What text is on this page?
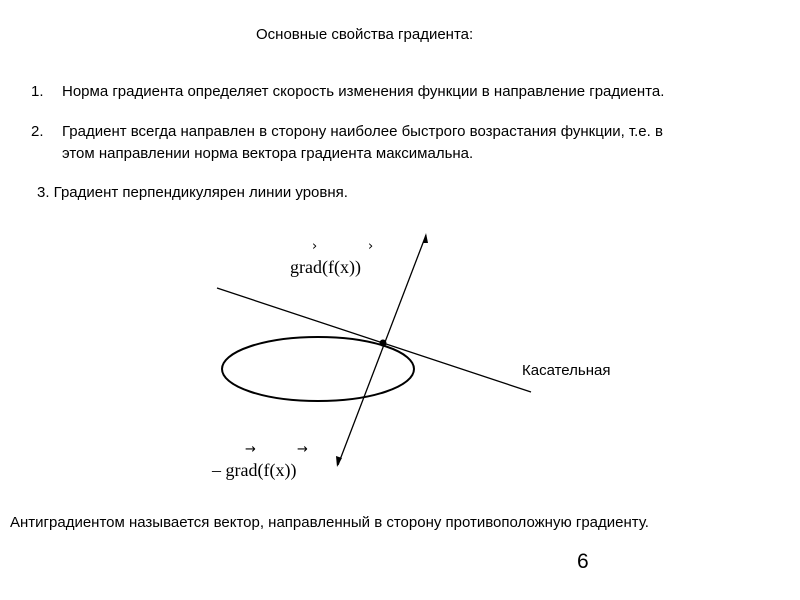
Основные свойства градиента:
1. Норма градиента определяет скорость изменения функции в направление градиента.
2. Градиент всегда направлен в сторону наиболее быстрого возрастания функции, т.е. в
этом направлении норма вектора градиента максимальна.
3. Градиент перпендикулярен линии уровня.
›	›
grad(f(x))
→	→
– grad(f(x))
Касательная
Антиградиентом называется вектор, направленный в сторону противоположную градиенту.
6
